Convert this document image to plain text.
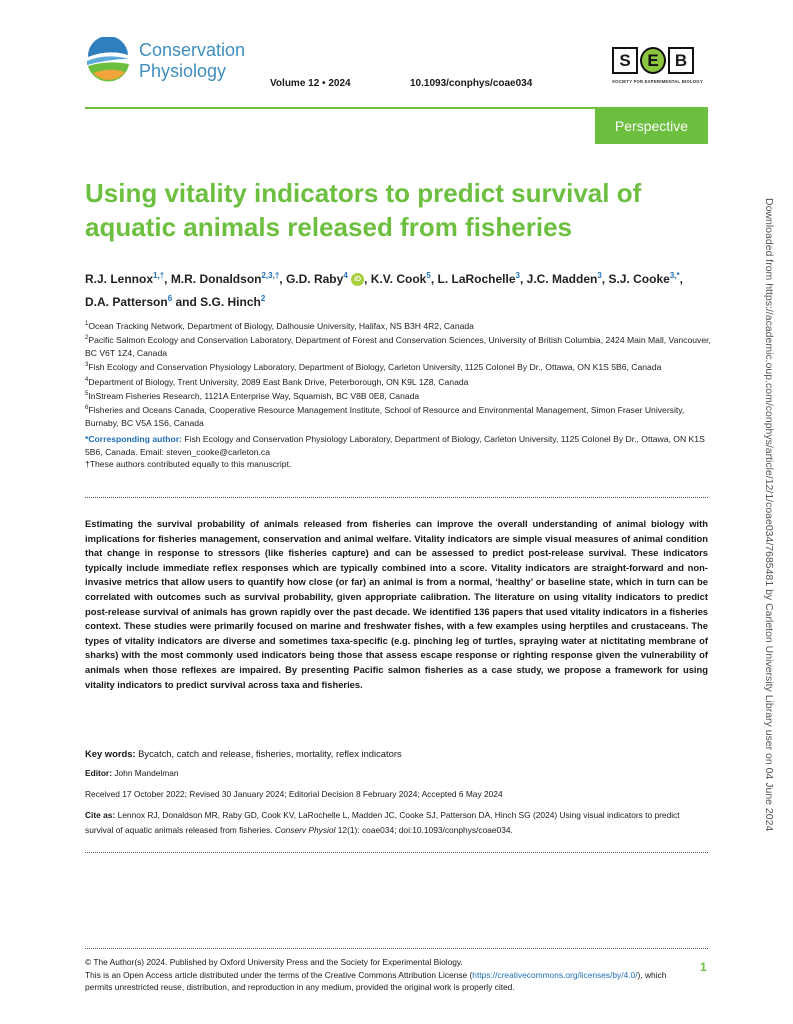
Conservation
Physiology
Volume 12 • 2024	10.1093/conphys/coae034
S E B
SOCIETY FOR EXPERIMENTAL BIOLOGY
Perspective
Using vitality indicators to predict survival of
aquatic animals released from fisheries
R.J. Lennox$^{1,\dagger}$, M.R. Donaldson$^{2,3,\dagger}$, G.D. Raby$^4$ iD , K.V. Cook$^5$, L. LaRochelle$^3$, J.C. Madden$^3$, S.J. Cooke$^{3,*}$,
D.A. Patterson$^6$ and S.G. Hinch$^2$

$^1$Ocean Tracking Network, Department of Biology, Dalhousie University, Halifax, NS B3H 4R2, Canada

$^2$Pacific Salmon Ecology and Conservation Laboratory, Department of Forest and Conservation Sciences, University of British Columbia, 2424 Main Mall, Vancouver, BC V6T 1Z4, Canada

$^3$Fish Ecology and Conservation Physiology Laboratory, Department of Biology, Carleton University, 1125 Colonel By Dr., Ottawa, ON K1S 5B6, Canada

$^4$Department of Biology, Trent University, 2089 East Bank Drive, Peterborough, ON K9L 1Z8, Canada

$^5$InStream Fisheries Research, 1121A Enterprise Way, Squamish, BC V8B 0E8, Canada

$^6$Fisheries and Oceans Canada, Cooperative Resource Management Institute, School of Resource and Environmental Management, Simon Fraser University, Burnaby, BC V5A 1S6, Canada

*Corresponding author: Fish Ecology and Conservation Physiology Laboratory, Department of Biology, Carleton University, 1125 Colonel By Dr., Ottawa, ON K1S 5B6, Canada. Email: steven_cooke@carleton.ca
†These authors contributed equally to this manuscript.
Estimating the survival probability of animals released from fisheries can improve the overall understanding of animal biology with implications for fisheries management, conservation and animal welfare. Vitality indicators are simple visual measures of animal condition that change in response to stressors (like fisheries capture) and can be assessed to predict post-release survival. These indicators typically include immediate reflex responses which are typically combined into a score. Vitality indicators are straight-forward and non-invasive metrics that allow users to quantify how close (or far) an animal is from a normal, ‘healthy’ or baseline state, which in turn can be correlated with outcomes such as survival probability, given appropriate calibration. The literature on using vitality indicators to predict post-release survival of animals has grown rapidly over the past decade. We identified 136 papers that used vitality indicators in a fisheries context. These studies were primarily focused on marine and freshwater fishes, with a few examples using herptiles and crustaceans. The types of vitality indicators are diverse and sometimes taxa-specific (e.g. pinching leg of turtles, spraying water at nictitating membrane of sharks) with the most commonly used indicators being those that assess escape response or righting response given the vulnerability of animals when those reflexes are impaired. By presenting Pacific salmon fisheries as a case study, we propose a framework for using vitality indicators to predict survival across taxa and fisheries.
Key words: Bycatch, catch and release, fisheries, mortality, reflex indicators
Editor: John Mandelman
Received 17 October 2022; Revised 30 January 2024; Editorial Decision 8 February 2024; Accepted 6 May 2024
Cite as: Lennox RJ, Donaldson MR, Raby GD, Cook KV, LaRochelle L, Madden JC, Cooke SJ, Patterson DA, Hinch SG (2024) Using visual indicators to predict survival of aquatic animals released from fisheries. Conserv Physiol 12(1): coae034; doi:10.1093/conphys/coae034.
© The Author(s) 2024. Published by Oxford University Press and the Society for Experimental Biology.
This is an Open Access article distributed under the terms of the Creative Commons Attribution License (https://creativecommons.org/licenses/by/4.0/), which permits unrestricted reuse, distribution, and reproduction in any medium, provided the original work is properly cited.
1
Downloaded from https://academic.oup.com/conphys/article/12/1/coae034/7685481 by Carleton University Library user on 04 June 2024
